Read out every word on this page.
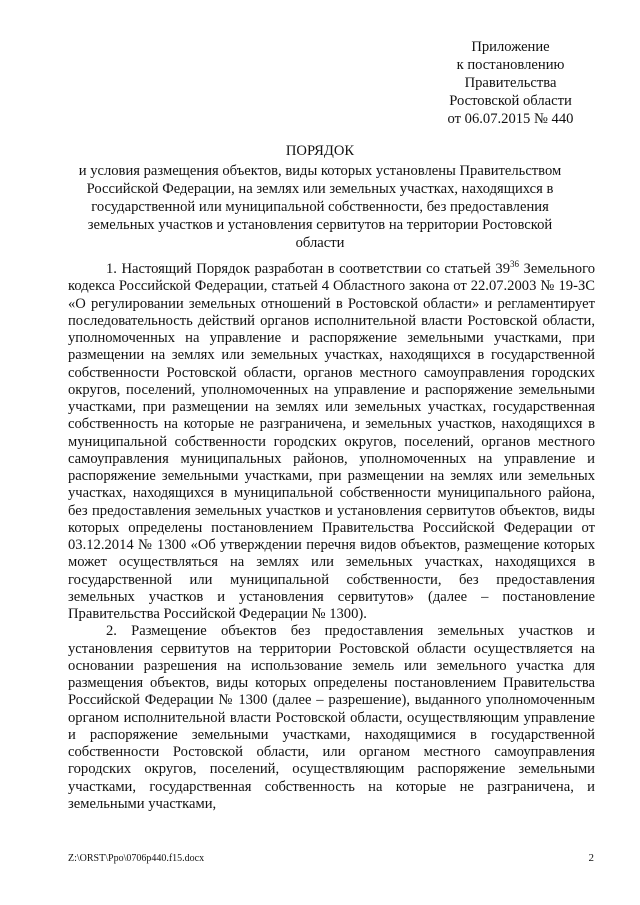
Приложение
к постановлению
Правительства
Ростовской области
от 06.07.2015 № 440
ПОРЯДОК
и условия размещения объектов, виды которых установлены Правительством Российской Федерации, на землях или земельных участках, находящихся в государственной или муниципальной собственности, без предоставления земельных участков и установления сервитутов на территории Ростовской области

1. Настоящий Порядок разработан в соответствии со статьей $39^{36}$ Земельного кодекса Российской Федерации, статьей 4 Областного закона от 22.07.2003 № 19-ЗС «О регулировании земельных отношений в Ростовской области» и регламентирует последовательность действий органов исполнительной власти Ростовской области, уполномоченных на управление и распоряжение земельными участками, при размещении на землях или земельных участках, находящихся в государственной собственности Ростовской области, органов местного самоуправления городских округов, поселений, уполномоченных на управление и распоряжение земельными участками, при размещении на землях или земельных участках, государственная собственность на которые не разграничена, и земельных участков, находящихся в муниципальной собственности городских округов, поселений, органов местного самоуправления муниципальных районов, уполномоченных на управление и распоряжение земельными участками, при размещении на землях или земельных участках, находящихся в муниципальной собственности муниципального района, без предоставления земельных участков и установления сервитутов объектов, виды которых определены постановлением Правительства Российской Федерации от 03.12.2014 № 1300 «Об утверждении перечня видов объектов, размещение которых может осуществляться на землях или земельных участках, находящихся в государственной или муниципальной собственности, без предоставления земельных участков и установления сервитутов» (далее – постановление Правительства Российской Федерации № 1300).

2. Размещение объектов без предоставления земельных участков и установления сервитутов на территории Ростовской области осуществляется на основании разрешения на использование земель или земельного участка для размещения объектов, виды которых определены постановлением Правительства Российской Федерации № 1300 (далее – разрешение), выданного уполномоченным органом исполнительной власти Ростовской области, осуществляющим управление и распоряжение земельными участками, находящимися в государственной собственности Ростовской области, или органом местного самоуправления городских округов, поселений, осуществляющим распоряжение земельными участками, государственная собственность на которые не разграничена, и земельными участками,

Z:\ORST\Ppo\0706p440.f15.docx	2
